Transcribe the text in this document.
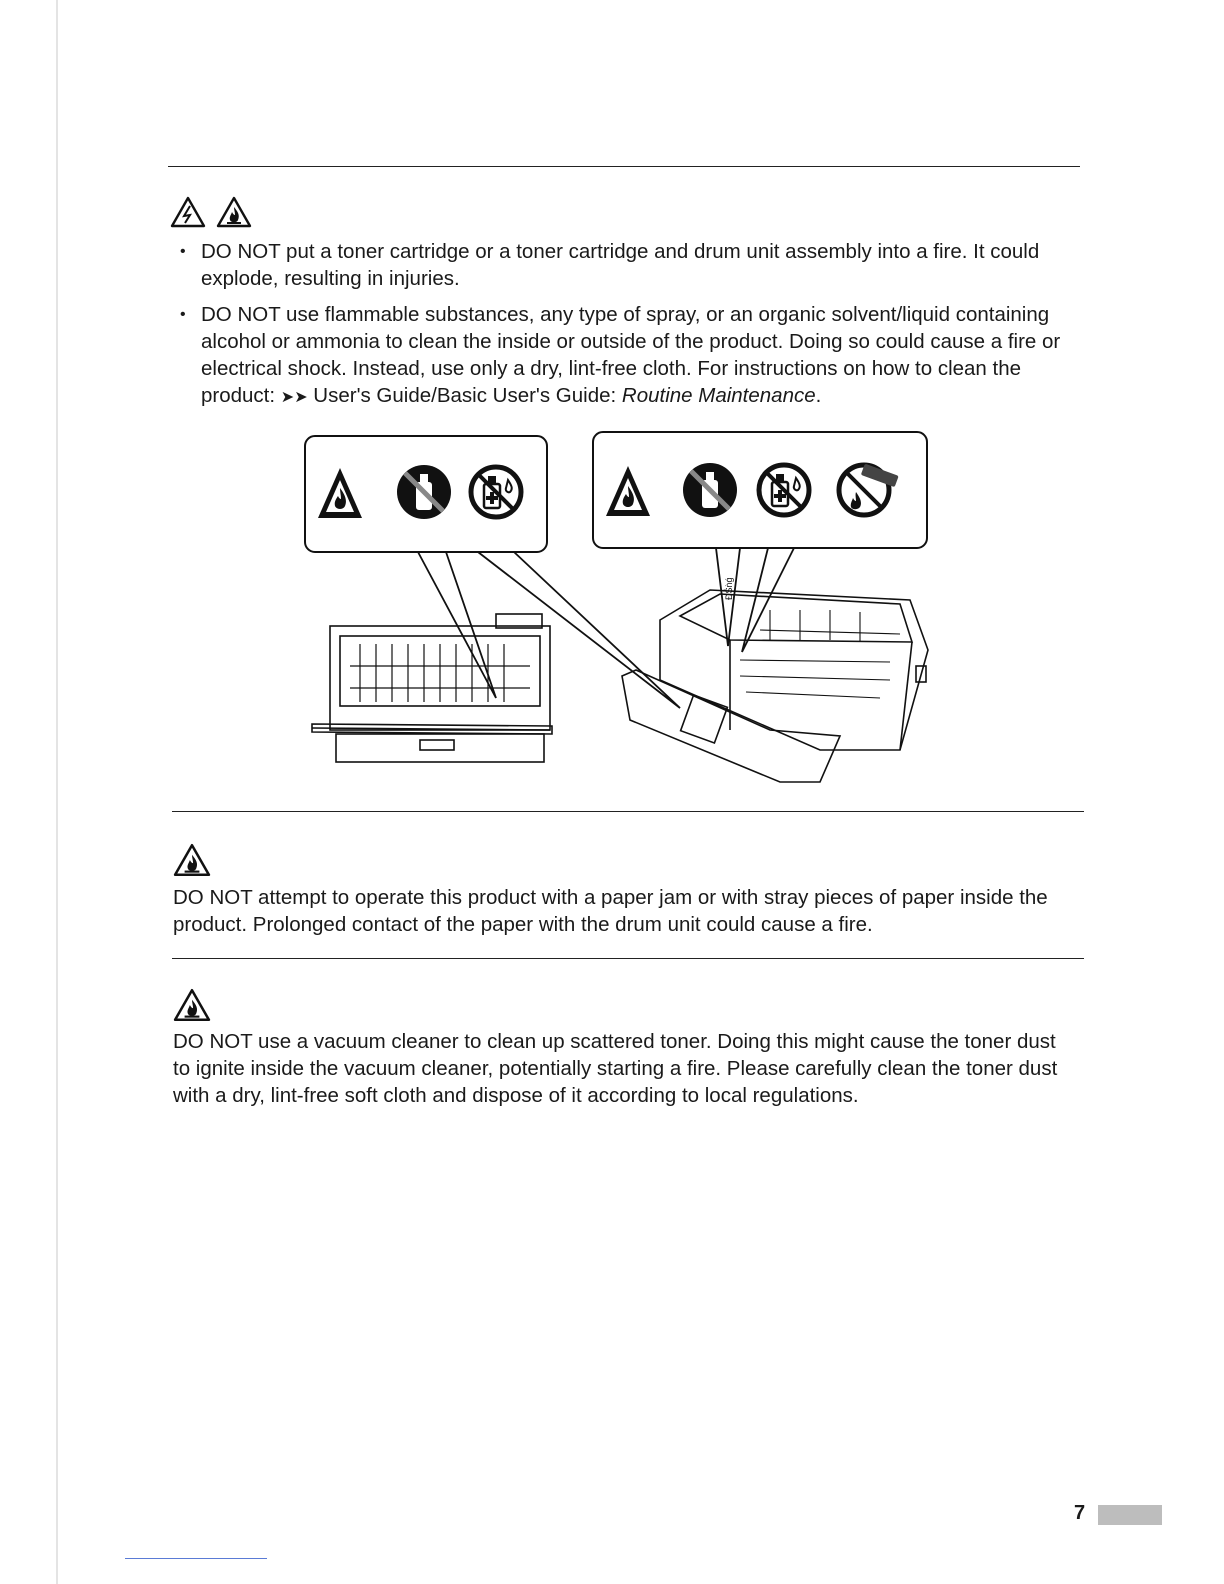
• DO NOT put a toner cartridge or a toner cartridge and drum unit assembly into a fire. It could explode, resulting in injuries.
• DO NOT use flammable substances, any type of spray, or an organic solvent/liquid containing alcohol or ammonia to clean the inside or outside of the product. Doing so could cause a fire or electrical shock. Instead, use only a dry, lint-free cloth. For instructions on how to clean the product: ➤➤ User's Guide/Basic User's Guide: Routine Maintenance.
ĐŠǹǵ

DO NOT attempt to operate this product with a paper jam or with stray pieces of paper inside the product. Prolonged contact of the paper with the drum unit could cause a fire.

DO NOT use a vacuum cleaner to clean up scattered toner. Doing this might cause the toner dust to ignite inside the vacuum cleaner, potentially starting a fire. Please carefully clean the toner dust with a dry, lint-free soft cloth and dispose of it according to local regulations.

7
